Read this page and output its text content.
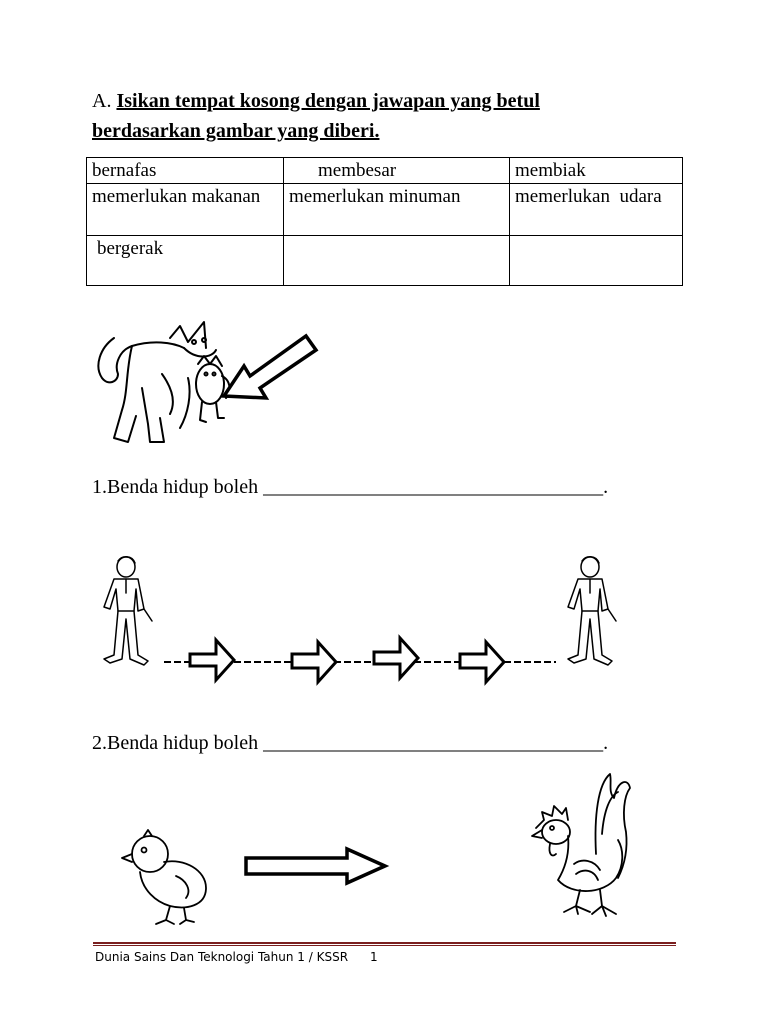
A. Isikan tempat kosong dengan jawapan yang betul
berdasarkan gambar yang diberi.
bernafas	membesar	membiak
memerlukan makanan	memerlukan minuman	memerlukan  udara
bergerak		
1.Benda hidup boleh __________________________________.
2.Benda hidup boleh __________________________________.
Dunia Sains Dan Teknologi Tahun 1 / KSSR 1
